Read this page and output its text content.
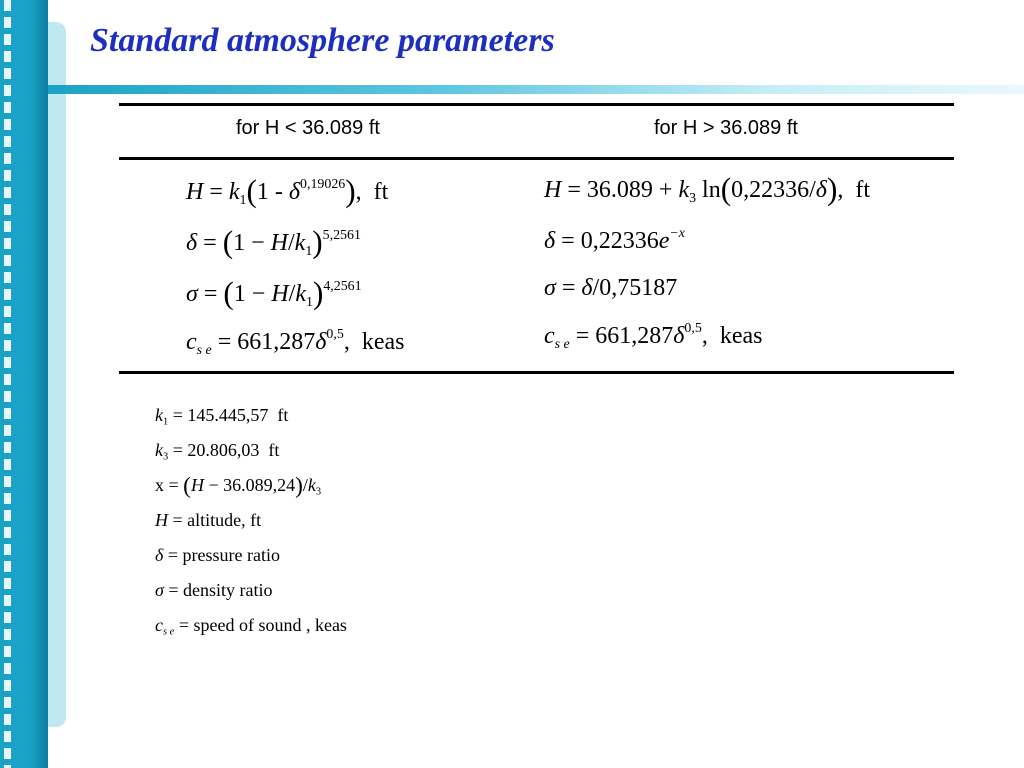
Standard atmosphere parameters
for H < 36.089 ft	for H > 36.089 ft
$H = k_1(1 - \delta^{0,19026})$,  ft
$\delta = (1 - H/k_1)^{5,2561}$
$\sigma = (1 - H/k_1)^{4,2561}$
$c_{s e} = 661,287\delta^{0,5}$,  keas
$H = 36.089 + k_3$ ln(0,22336/δ),  ft
$\delta = 0,22336e^{-x}$
σ = δ/0,75187
$c_{s e} = 661,287\delta^{0,5}$,  keas
$k_1 = 145.445,57$ ft
$k_3 = 20.806,03$ ft
$x = (H - 36.089,24)/k_3$
H = altitude, ft
δ = pressure ratio
σ = density ratio
$c_{s e}$ = speed of sound , keas
